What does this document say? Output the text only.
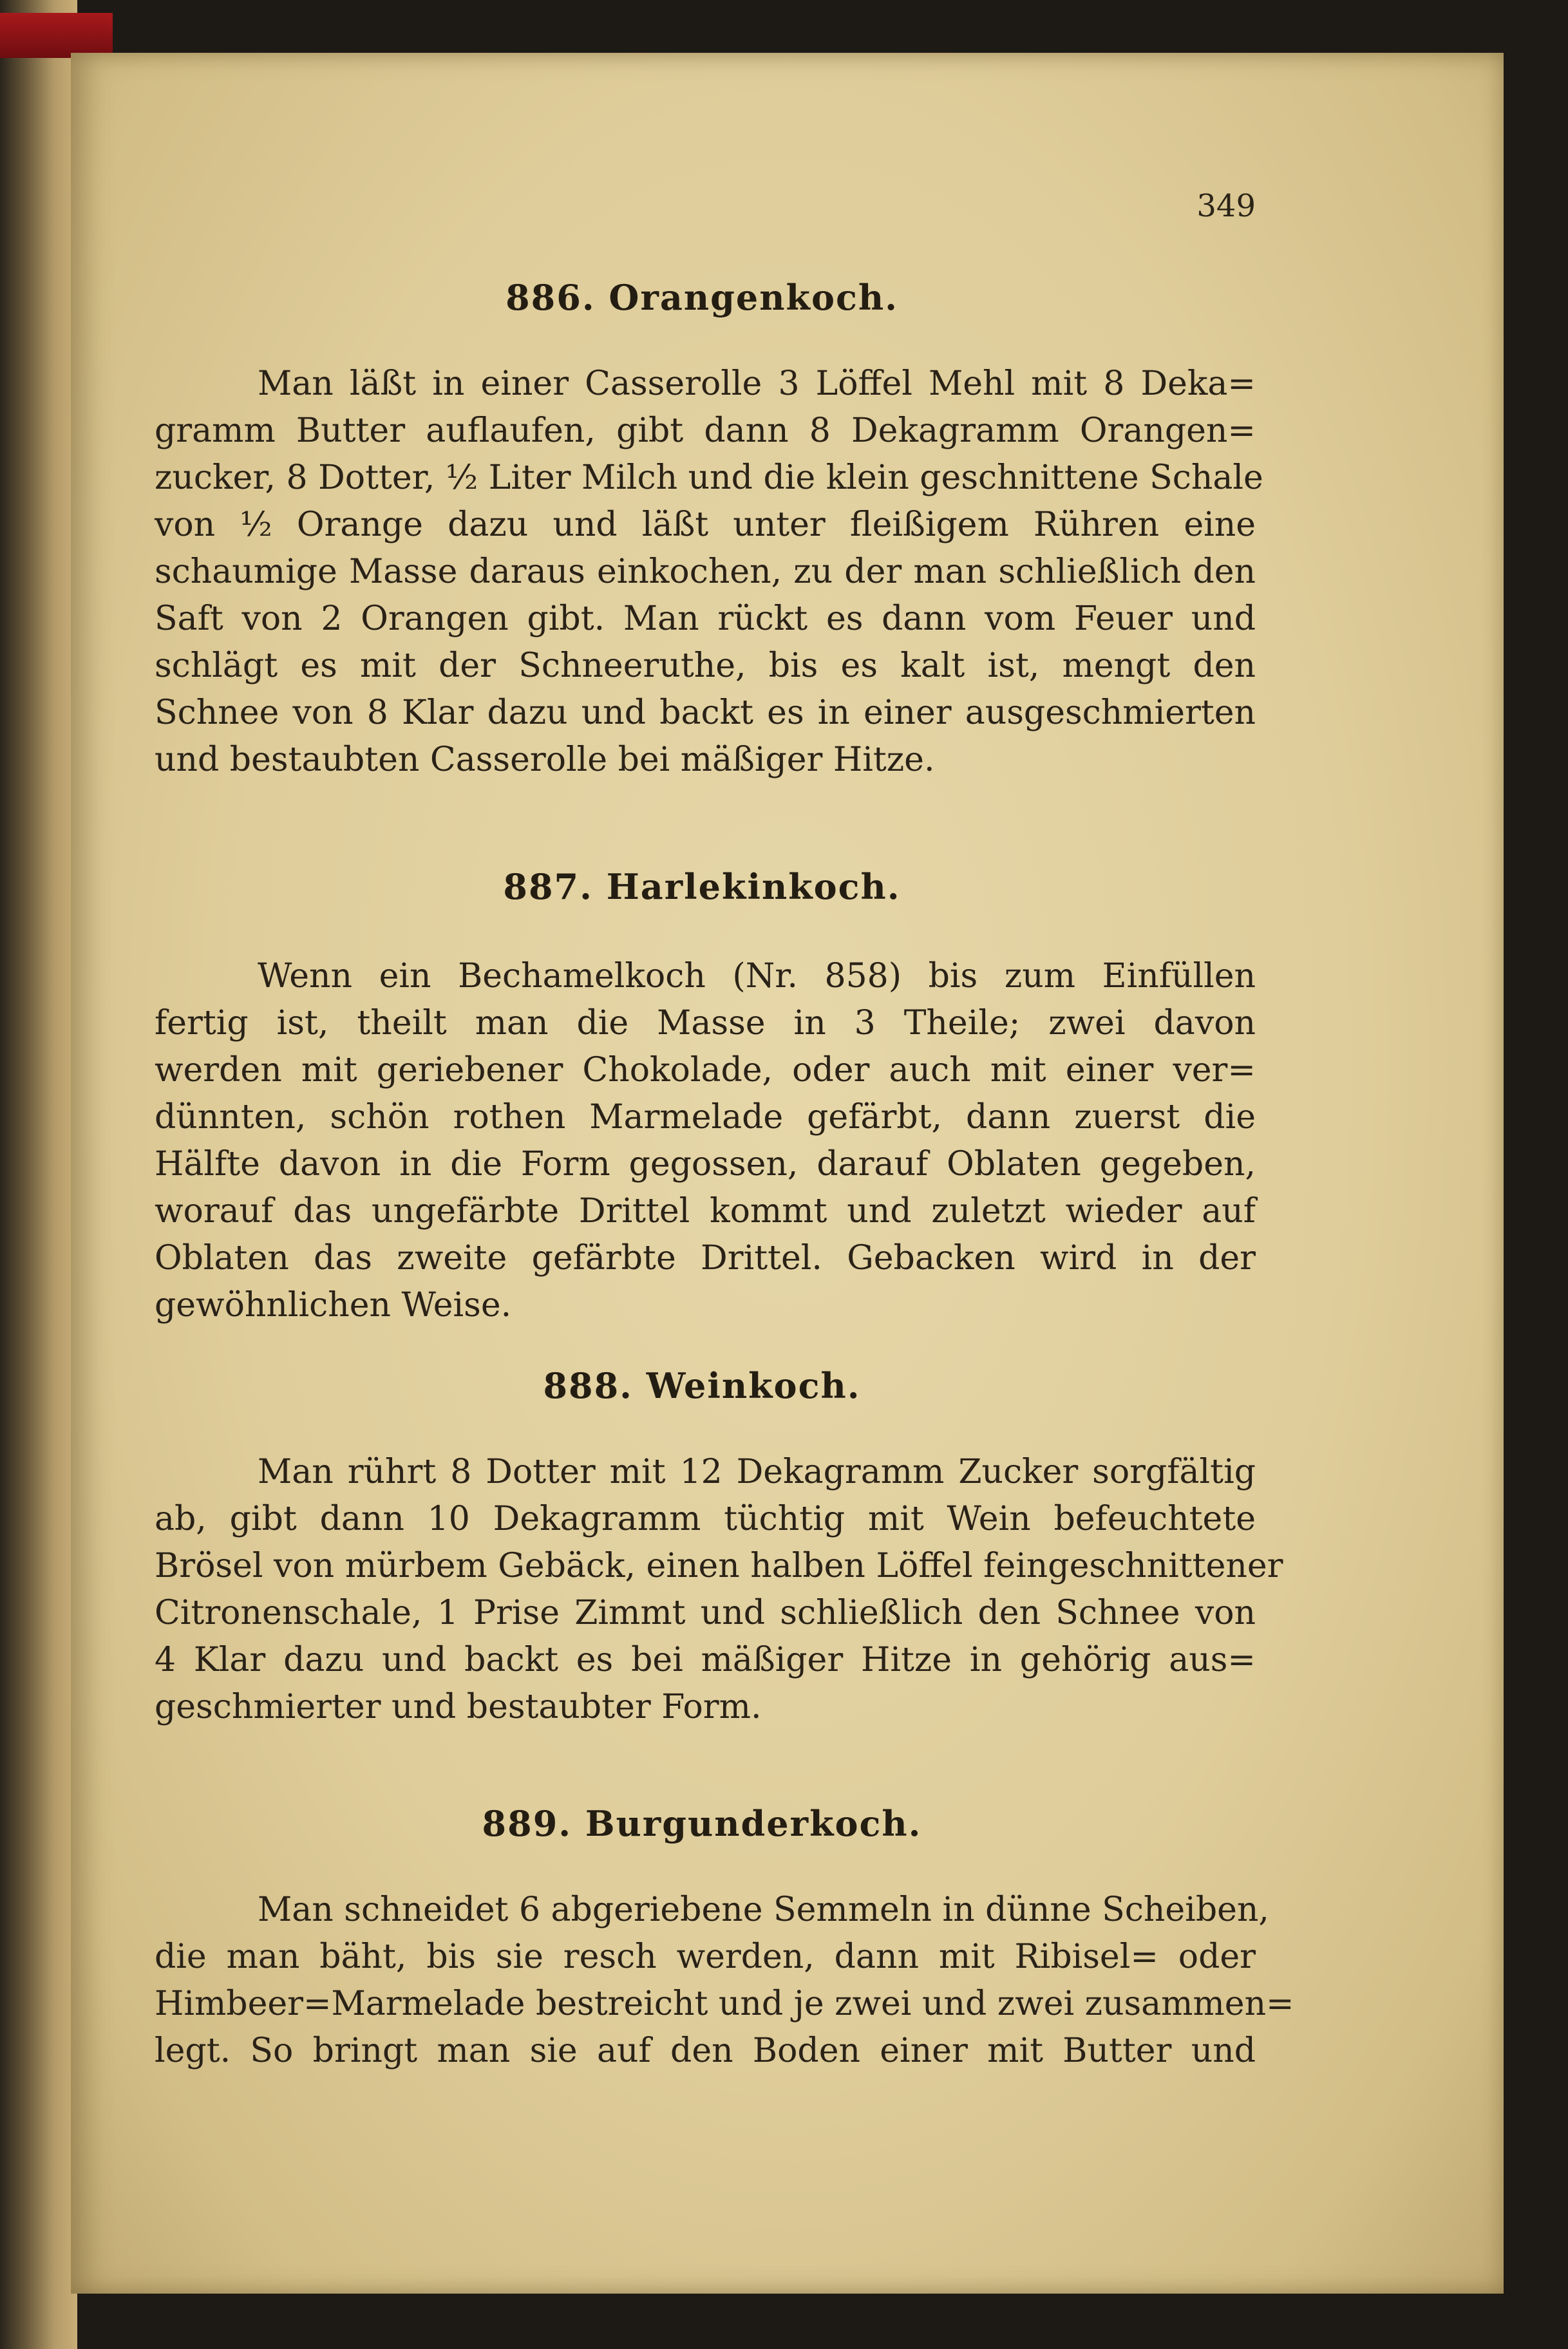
349
886. Orangenkoch.
Man läßt in einer Casserolle 3 Löffel Mehl mit 8 Deka=
gramm Butter auflaufen, gibt dann 8 Dekagramm Orangen=
zucker, 8 Dotter, ½ Liter Milch und die klein geschnittene Schale
von ½ Orange dazu und läßt unter fleißigem Rühren eine
schaumige Masse daraus einkochen, zu der man schließlich den
Saft von 2 Orangen gibt. Man rückt es dann vom Feuer und
schlägt es mit der Schneeruthe, bis es kalt ist, mengt den
Schnee von 8 Klar dazu und backt es in einer ausgeschmierten
und bestaubten Casserolle bei mäßiger Hitze.
887. Harlekinkoch.
Wenn ein Bechamelkoch (Nr. 858) bis zum Einfüllen
fertig ist, theilt man die Masse in 3 Theile; zwei davon
werden mit geriebener Chokolade, oder auch mit einer ver=
dünnten, schön rothen Marmelade gefärbt, dann zuerst die
Hälfte davon in die Form gegossen, darauf Oblaten gegeben,
worauf das ungefärbte Drittel kommt und zuletzt wieder auf
Oblaten das zweite gefärbte Drittel. Gebacken wird in der
gewöhnlichen Weise.
888. Weinkoch.
Man rührt 8 Dotter mit 12 Dekagramm Zucker sorgfältig
ab, gibt dann 10 Dekagramm tüchtig mit Wein befeuchtete
Brösel von mürbem Gebäck, einen halben Löffel feingeschnittener
Citronenschale, 1 Prise Zimmt und schließlich den Schnee von
4 Klar dazu und backt es bei mäßiger Hitze in gehörig aus=
geschmierter und bestaubter Form.
889. Burgunderkoch.
Man schneidet 6 abgeriebene Semmeln in dünne Scheiben,
die man bäht, bis sie resch werden, dann mit Ribisel= oder
Himbeer=Marmelade bestreicht und je zwei und zwei zusammen=
legt. So bringt man sie auf den Boden einer mit Butter und
